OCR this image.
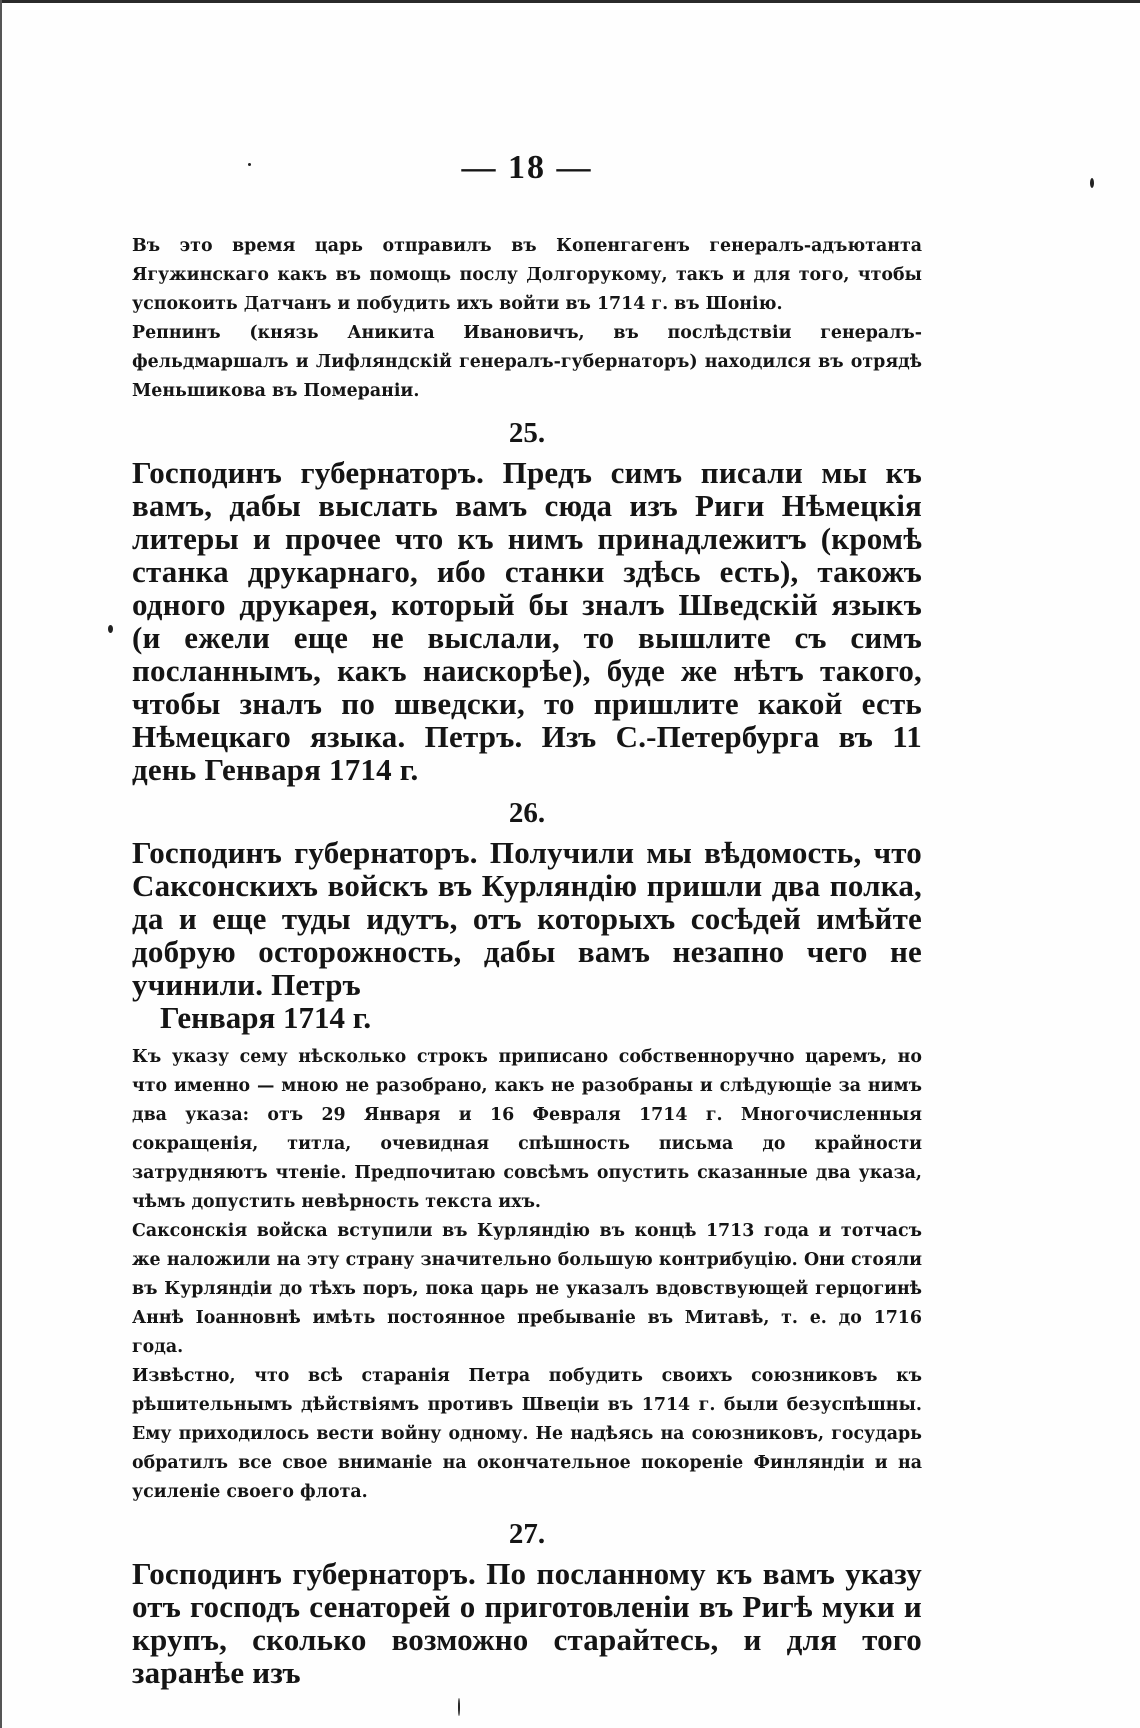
— 18 —

Въ это время царь отправилъ въ Копенгагенъ генералъ-адъютанта Ягужинскаго какъ въ помощь послу Долгорукому, такъ и для того, чтобы успокоить Датчанъ и побудить ихъ войти въ 1714 г. въ Шонію.

Репнинъ (князь Аникита Ивановичъ, въ послѣдствіи генералъ-фельдмаршалъ и Лифляндскій генералъ-губернаторъ) находился въ отрядѣ Меньшикова въ Помераніи.

25.

Господинъ губернаторъ. Предъ симъ писали мы къ вамъ, дабы выслать вамъ сюда изъ Риги Нѣмецкія литеры и прочее что къ нимъ принадлежитъ (кромѣ станка друкарнаго, ибо станки здѣсь есть), такожъ одного друкарея, который бы зналъ Шведскій языкъ (и ежели еще не выслали, то вышлите съ симъ посланнымъ, какъ наискорѣе), буде же нѣтъ такого, чтобы зналъ по шведски, то пришлите какой есть Нѣмецкаго языка. Петръ. Изъ С.-Петербурга въ 11 день Генваря 1714 г.

26.

Господинъ губернаторъ. Получили мы вѣдомость, что Саксонскихъ войскъ въ Курляндію пришли два полка, да и еще туды идутъ, отъ которыхъ сосѣдей имѣйте добрую осторожность, дабы вамъ незапно чего не учинили. Петръ

Генваря 1714 г.

Къ указу сему нѣсколько строкъ приписано собственноручно царемъ, но что именно — мною не разобрано, какъ не разобраны и слѣдующіе за нимъ два указа: отъ 29 Января и 16 Февраля 1714 г. Многочисленныя сокращенія, титла, очевидная спѣшность письма до крайности затрудняютъ чтеніе. Предпочитаю совсѣмъ опустить сказанные два указа, чѣмъ допустить невѣрность текста ихъ.

Саксонскія войска вступили въ Курляндію въ концѣ 1713 года и тотчасъ же наложили на эту страну значительно большую контрибуцію. Они стояли въ Курляндіи до тѣхъ поръ, пока царь не указалъ вдовствующей герцогинѣ Аннѣ Іоанновнѣ имѣть постоянное пребываніе въ Митавѣ, т. е. до 1716 года.

Извѣстно, что всѣ старанія Петра побудить своихъ союзниковъ къ рѣшительнымъ дѣйствіямъ противъ Швеціи въ 1714 г. были безуспѣшны. Ему приходилось вести войну одному. Не надѣясь на союзниковъ, государь обратилъ все свое вниманіе на окончательное покореніе Финляндіи и на усиленіе своего флота.

27.

Господинъ губернаторъ. По посланному къ вамъ указу отъ господъ сенаторей о приготовленіи въ Ригѣ муки и крупъ, сколько возможно старайтесь, и для того заранѣе изъ
